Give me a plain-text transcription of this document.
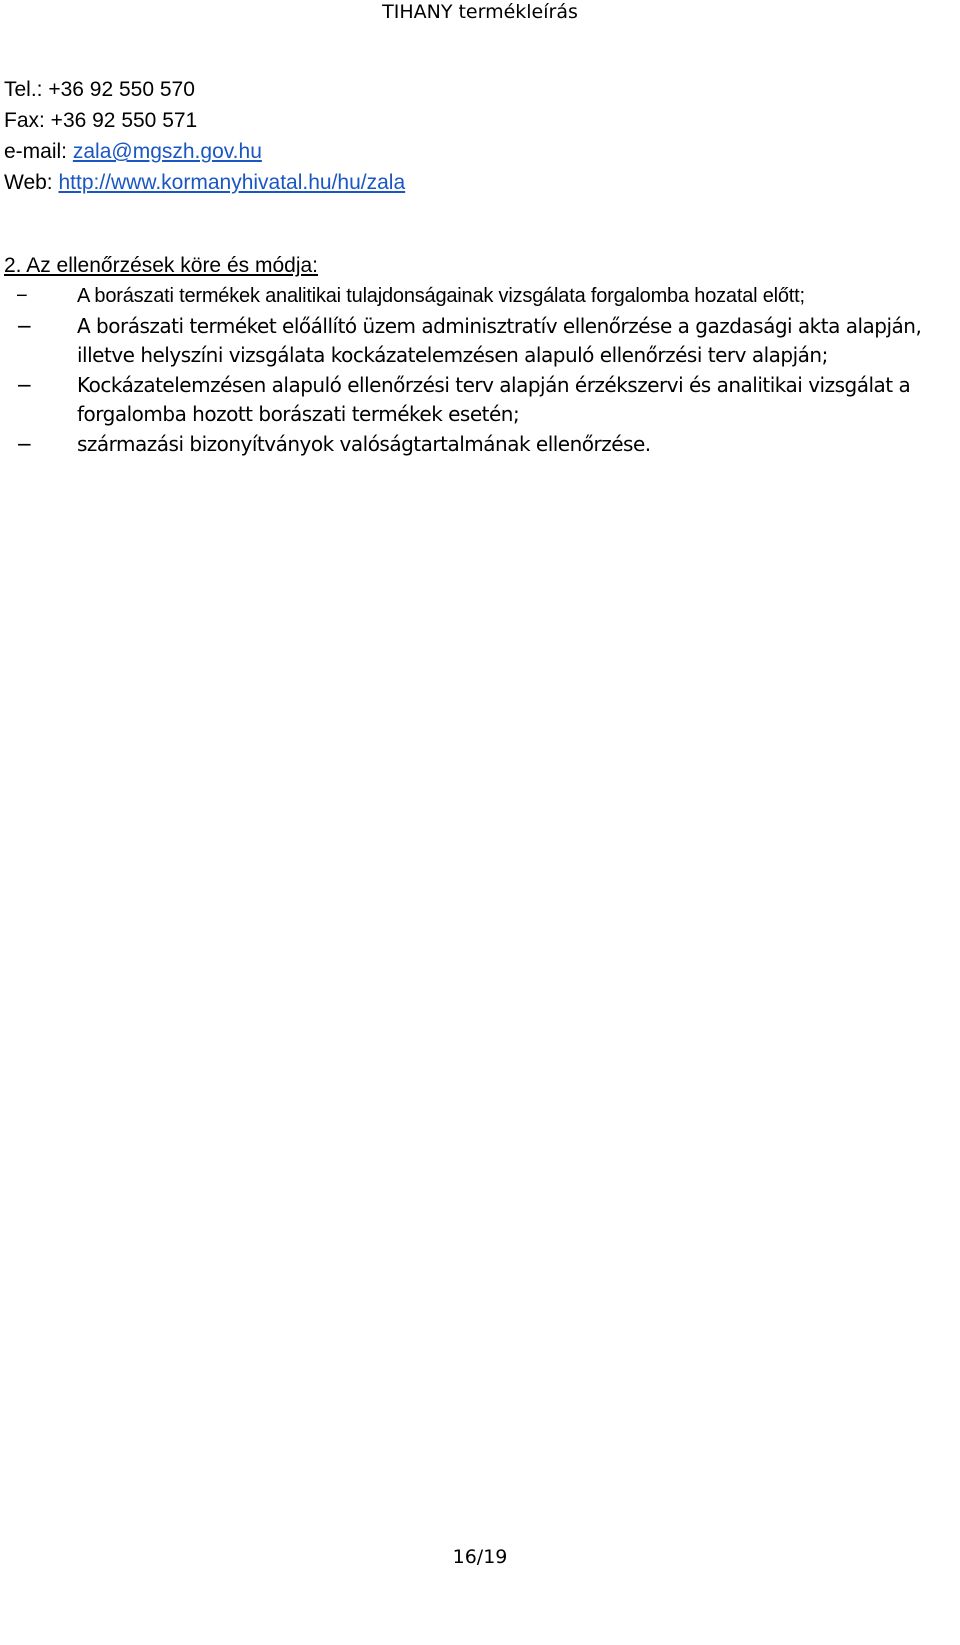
TIHANY termékleírás
Tel.: +36 92 550 570
Fax: +36 92 550 571
e-mail: zala@mgszh.gov.hu
Web: http://www.kormanyhivatal.hu/hu/zala
2. Az ellenőrzések köre és módja:
− A borászati termékek analitikai tulajdonságainak vizsgálata forgalomba hozatal előtt;
− A borászati terméket előállító üzem adminisztratív ellenőrzése a gazdasági akta alapján, illetve helyszíni vizsgálata kockázatelemzésen alapuló ellenőrzési terv alapján;
− Kockázatelemzésen alapuló ellenőrzési terv alapján érzékszervi és analitikai vizsgálat a forgalomba hozott borászati termékek esetén;
− származási bizonyítványok valóságtartalmának ellenőrzése.
16/19
